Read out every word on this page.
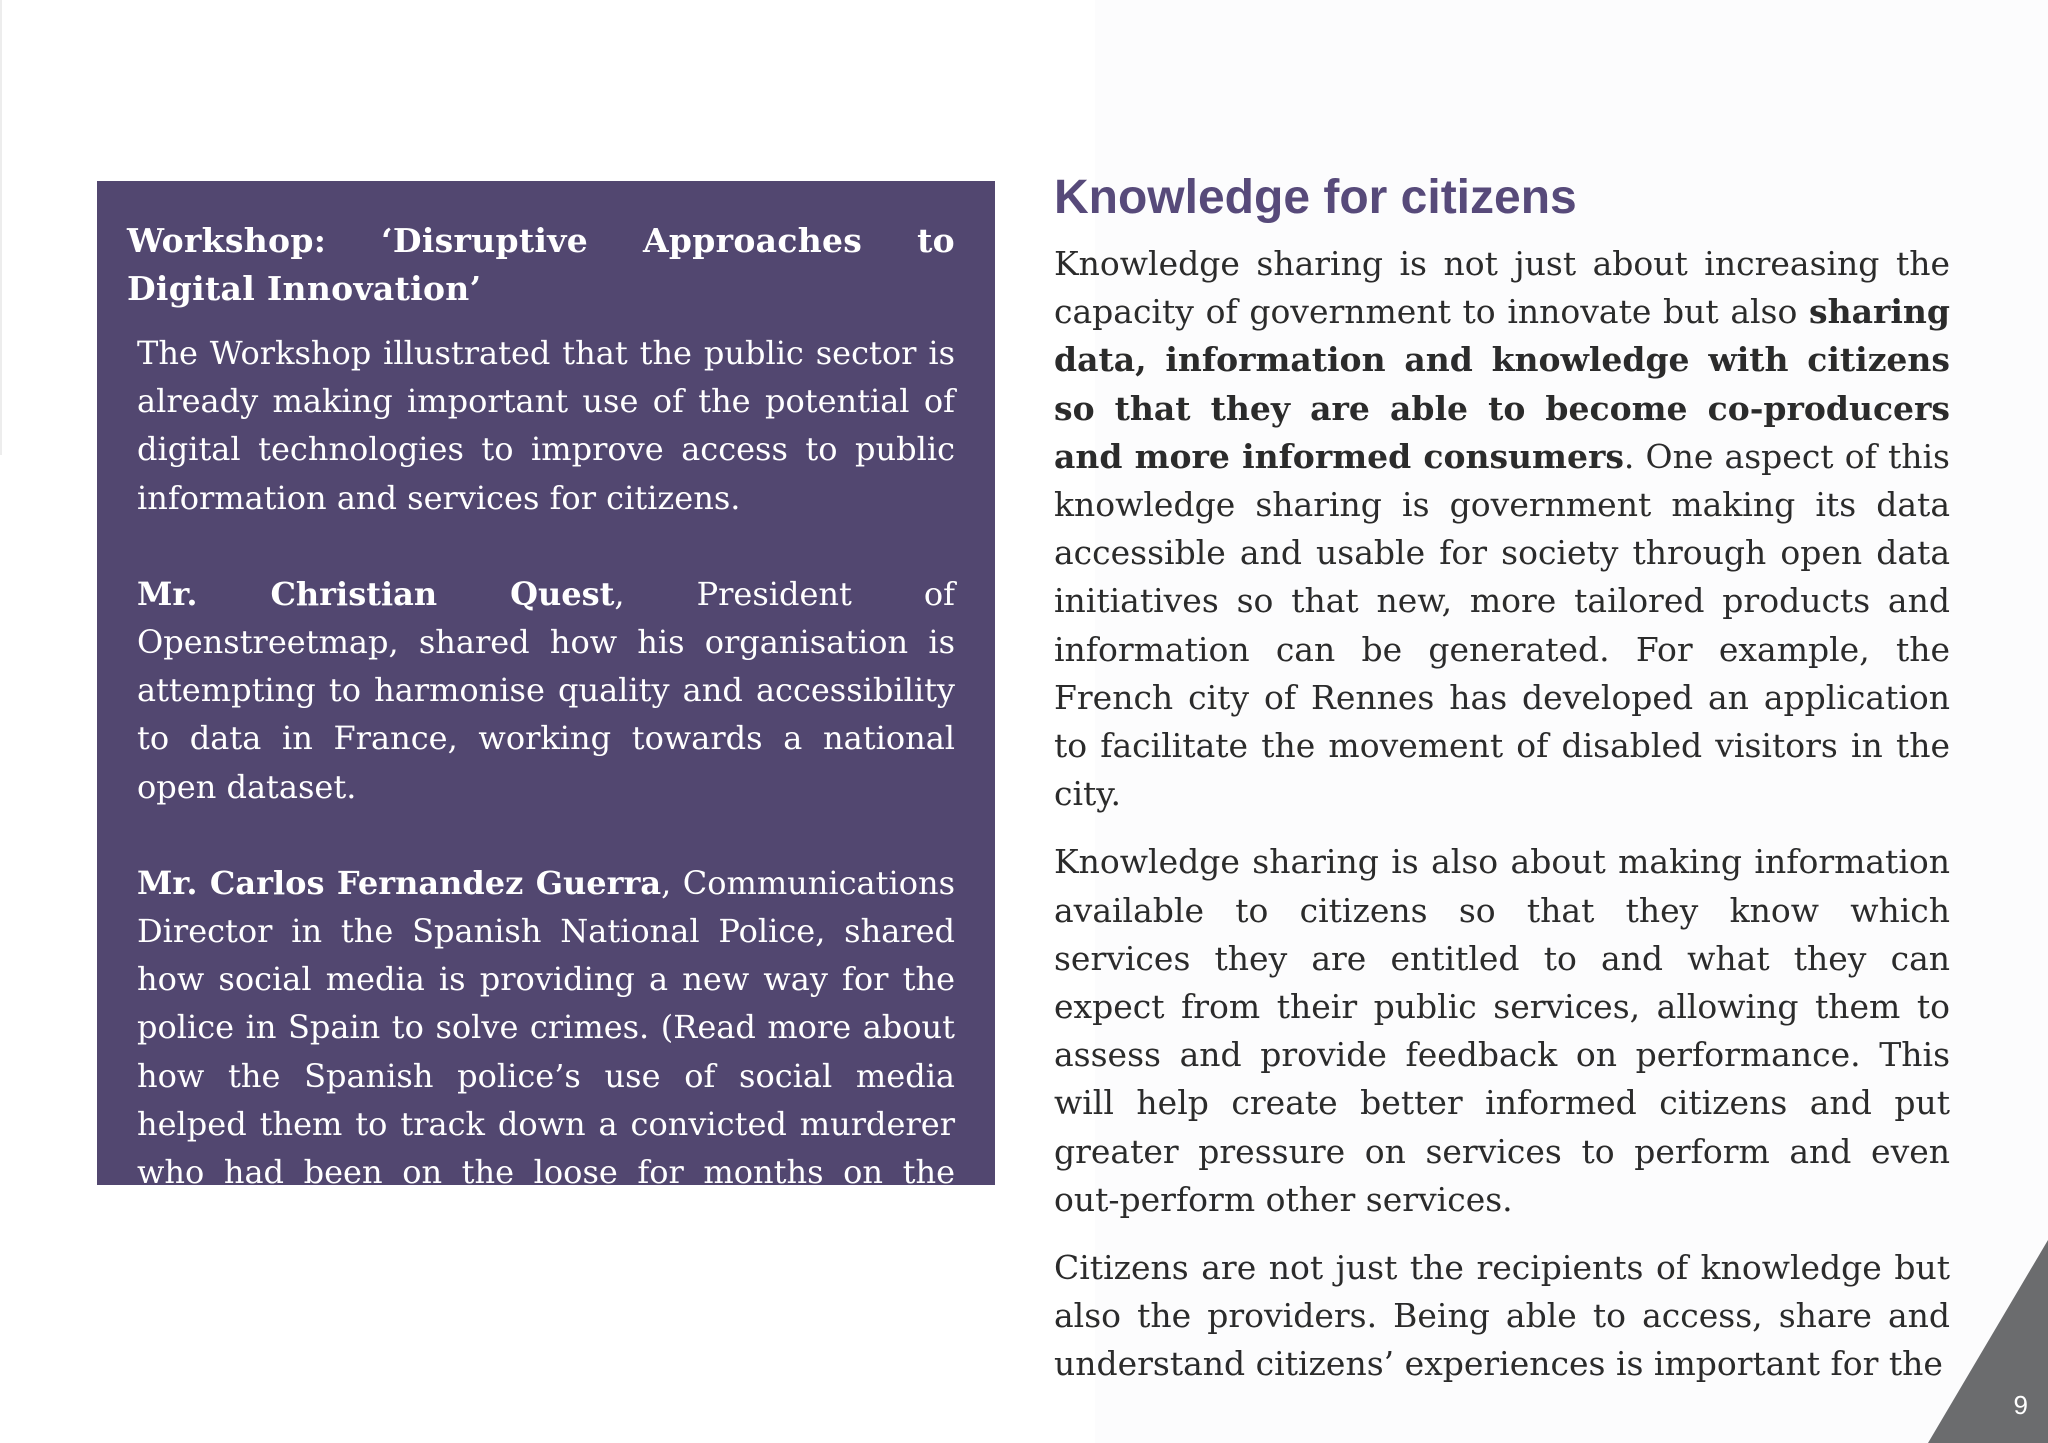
Workshop: ‘Disruptive Approaches to Digital Innovation’

The Workshop illustrated that the public sector is already making important use of the potential of digital technologies to improve access to public information and services for citizens.

Mr. Christian Quest, President of Openstreetmap, shared how his organisation is attempting to harmonise quality and accessibility to data in France, working towards a national open dataset.

Mr. Carlos Fernandez Guerra, Communications Director in the Spanish National Police, shared how social media is providing a new way for the police in Spain to solve crimes. (Read more about how the Spanish police’s use of social media helped them to track down a convicted murderer who had been on the loose for months on the Observatory blog.)

Knowledge for citizens

Knowledge sharing is not just about increasing the capacity of government to innovate but also sharing data, information and knowledge with citizens so that they are able to become co-producers and more informed consumers. One aspect of this knowledge sharing is government making its data accessible and usable for society through open data initiatives so that new, more tailored products and information can be generated. For example, the French city of Rennes has developed an application to facilitate the movement of disabled visitors in the city.

Knowledge sharing is also about making information available to citizens so that they know which services they are entitled to and what they can expect from their public services, allowing them to assess and provide feedback on performance. This will help create better informed citizens and put greater pressure on services to perform and even out-perform other services.

Citizens are not just the recipients of knowledge but also the providers. Being able to access, share and understand citizens’ experiences is important for the

9
